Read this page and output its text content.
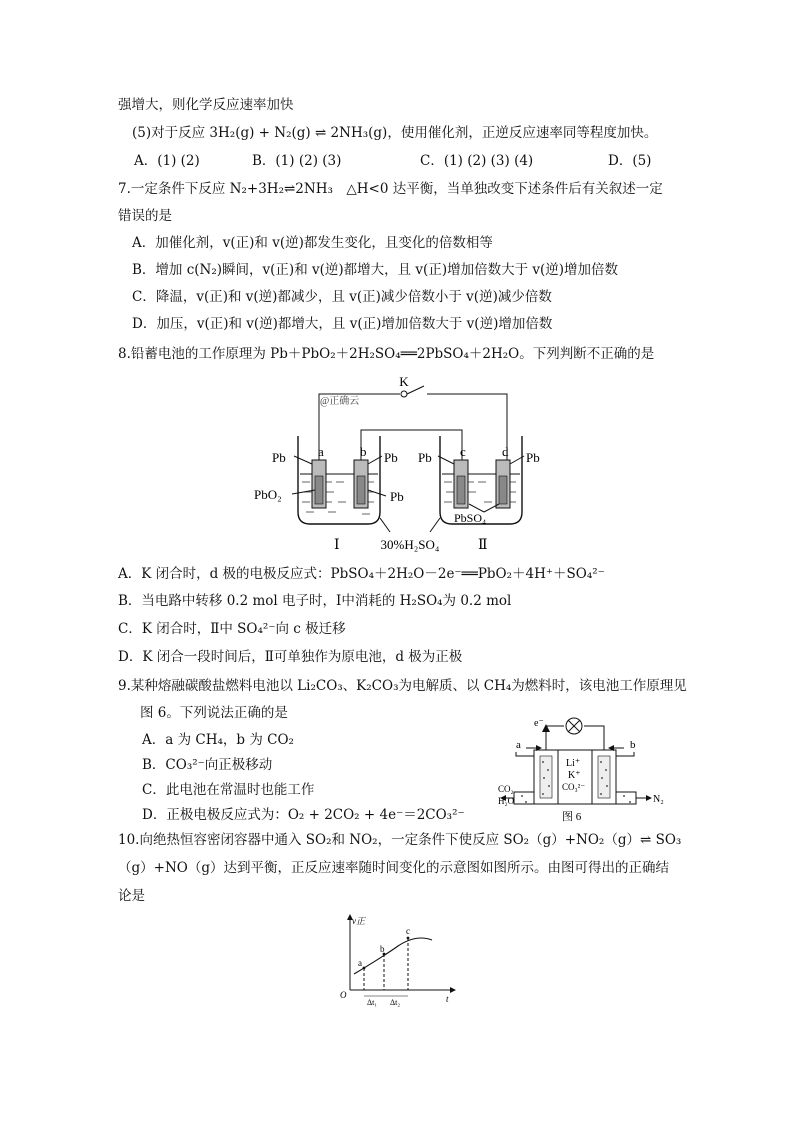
强增大，则化学反应速率加快
(5)对于反应 3H₂(g) + N₂(g) ⇌ 2NH₃(g)，使用催化剂，正逆反应速率同等程度加快。
A．(1) (2)	B．(1) (2) (3)	C．(1) (2) (3) (4)	D．(5)
7.一定条件下反应 N₂+3H₂⇌2NH₃　△H<0 达平衡，当单独改变下述条件后有关叙述一定
错误的是
A．加催化剂，v(正)和 v(逆)都发生变化，且变化的倍数相等
B．增加 c(N₂)瞬间，v(正)和 v(逆)都增大，且 v(正)增加倍数大于 v(逆)增加倍数
C．降温，v(正)和 v(逆)都减少，且 v(正)减少倍数小于 v(逆)减少倍数
D．加压，v(正)和 v(逆)都增大，且 v(正)增加倍数大于 v(逆)增加倍数
8.铅蓄电池的工作原理为 Pb＋PbO₂＋2H₂SO₄══2PbSO₄＋2H₂O。下列判断不正确的是
K
@正确云
Pb a	b Pb
PbO₂	Pb
Pb c	d Pb
PbSO₄
Ⅰ	30%H₂SO₄	Ⅱ
A．K 闭合时，d 极的电极反应式：PbSO₄＋2H₂O－2e⁻══PbO₂＋4H⁺＋SO₄²⁻
B．当电路中转移 0.2 mol 电子时，Ⅰ中消耗的 H₂SO₄为 0.2 mol
C．K 闭合时，Ⅱ中 SO₄²⁻向 c 极迁移
D．K 闭合一段时间后，Ⅱ可单独作为原电池，d 极为正极
9.某种熔融碳酸盐燃料电池以 Li₂CO₃、K₂CO₃为电解质、以 CH₄为燃料时，该电池工作原理见
图 6。下列说法正确的是
A．a 为 CH₄，b 为 CO₂
B．CO₃²⁻向正极移动
C．此电池在常温时也能工作
D．正极电极反应式为：O₂ + 2CO₂ + 4e⁻＝2CO₃²⁻
e⁻
a	b
Li⁺
K⁺
CO₃²⁻
CO₂
H₂O	N₂
图 6
10.向绝热恒容密闭容器中通入 SO₂和 NO₂，一定条件下使反应 SO₂（g）+NO₂（g）⇌ SO₃
（g）+NO（g）达到平衡，正反应速率随时间变化的示意图如图所示。由图可得出的正确结
论是
v正
O	t
a
b
c
Δt₁ Δt₂
